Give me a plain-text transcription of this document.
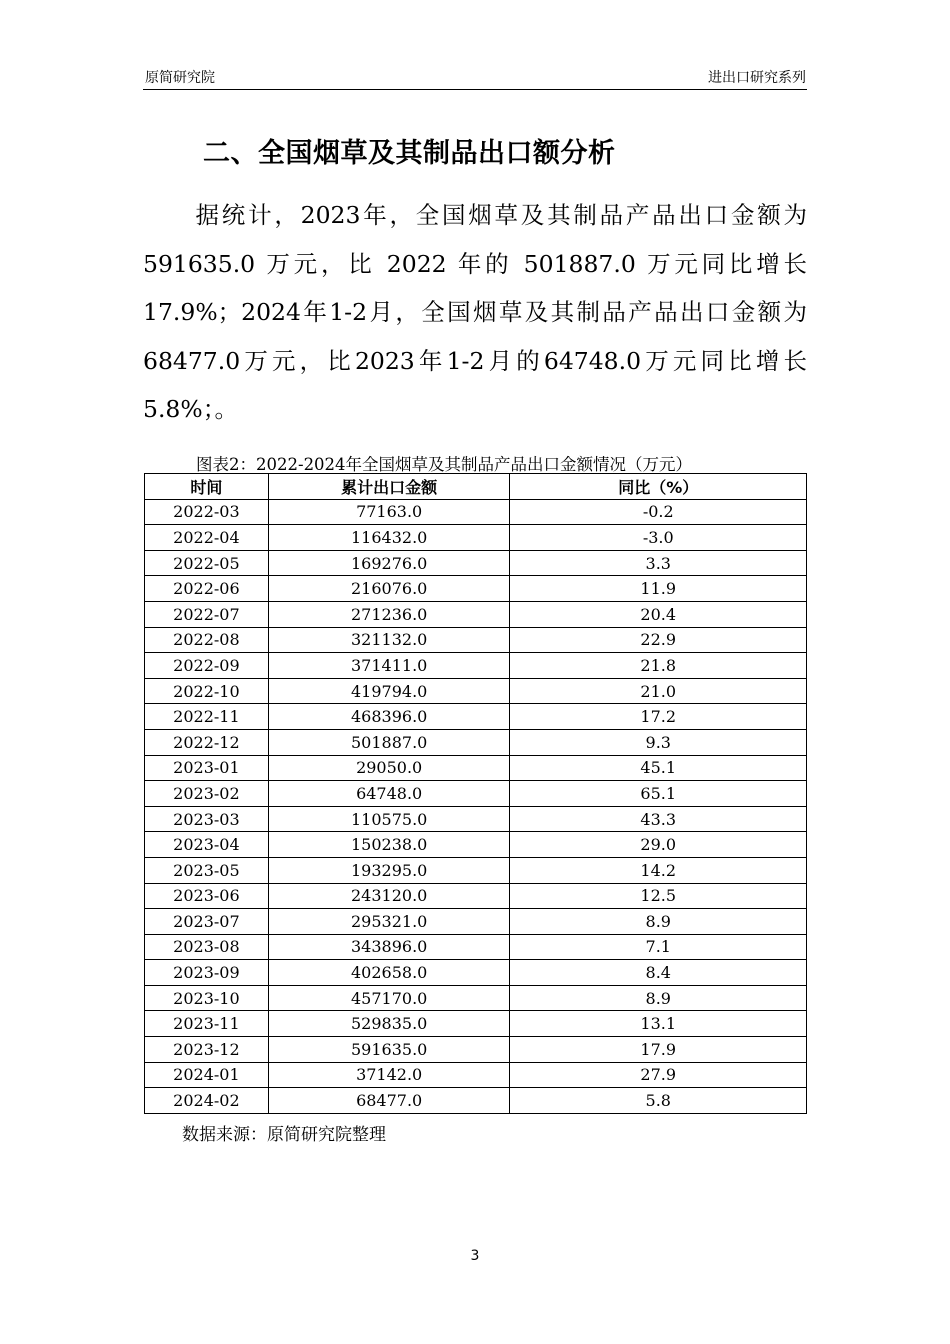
原简研究院	进出口研究系列
二、全国烟草及其制品出口额分析
　　据统计，2023年，全国烟草及其制品产品出口金额为
591635.0 万元，比 2022 年的 501887.0 万元同比增长
17.9%；2024年1-2月，全国烟草及其制品产品出口金额为
68477.0万元，比2023年1-2月的64748.0万元同比增长
5.8%；。
图表2：2022-2024年全国烟草及其制品产品出口金额情况（万元）
时间	累计出口金额	同比（%）
2022-03	77163.0	-0.2
2022-04	116432.0	-3.0
2022-05	169276.0	3.3
2022-06	216076.0	11.9
2022-07	271236.0	20.4
2022-08	321132.0	22.9
2022-09	371411.0	21.8
2022-10	419794.0	21.0
2022-11	468396.0	17.2
2022-12	501887.0	9.3
2023-01	29050.0	45.1
2023-02	64748.0	65.1
2023-03	110575.0	43.3
2023-04	150238.0	29.0
2023-05	193295.0	14.2
2023-06	243120.0	12.5
2023-07	295321.0	8.9
2023-08	343896.0	7.1
2023-09	402658.0	8.4
2023-10	457170.0	8.9
2023-11	529835.0	13.1
2023-12	591635.0	17.9
2024-01	37142.0	27.9
2024-02	68477.0	5.8
数据来源：原简研究院整理
3
